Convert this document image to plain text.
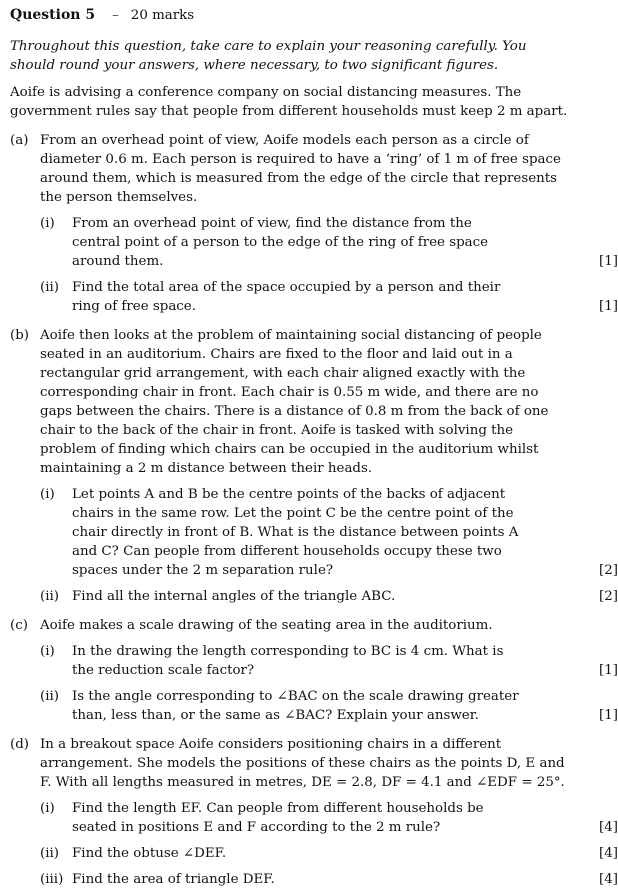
Question 5 – 20 marks

Throughout this question, take care to explain your reasoning carefully. You should round your answers, where necessary, to two significant figures.

Aoife is advising a conference company on social distancing measures. The government rules say that people from different households must keep 2 m apart.

(a) From an overhead point of view, Aoife models each person as a circle of diameter 0.6 m. Each person is required to have a ‘ring’ of 1 m of free space around them, which is measured from the edge of the circle that represents the person themselves.

(i)	From an overhead point of view, find the distance from the central point of a person to the edge of the ring of free space around them.	[1]
(ii) Find the total area of the space occupied by a person and their ring of free space.	[1]
(b) Aoife then looks at the problem of maintaining social distancing of people seated in an auditorium. Chairs are fixed to the floor and laid out in a rectangular grid arrangement, with each chair aligned exactly with the corresponding chair in front. Each chair is 0.55 m wide, and there are no gaps between the chairs. There is a distance of 0.8 m from the back of one chair to the back of the chair in front. Aoife is tasked with solving the problem of finding which chairs can be occupied in the auditorium whilst maintaining a 2 m distance between their heads.

(i)	Let points A and B be the centre points of the backs of adjacent chairs in the same row. Let the point C be the centre point of the chair directly in front of B. What is the distance between points A and C? Can people from different households occupy these two spaces under the 2 m separation rule?	[2]
(ii) Find all the internal angles of the triangle ABC.	[2]
(c) Aoife makes a scale drawing of the seating area in the auditorium.

(i)	In the drawing the length corresponding to BC is 4 cm. What is the reduction scale factor?	[1]
(ii) Is the angle corresponding to ∠BAC on the scale drawing greater than, less than, or the same as ∠BAC? Explain your answer.	[1]
(d) In a breakout space Aoife considers positioning chairs in a different arrangement. She models the positions of these chairs as the points D, E and F. With all lengths measured in metres, DE = 2.8, DF = 4.1 and ∠EDF = 25°.

(i)	Find the length EF. Can people from different households be seated in positions E and F according to the 2 m rule?	[4]
(ii) Find the obtuse ∠DEF.	[4]
(iii) Find the area of triangle DEF.	[4]
